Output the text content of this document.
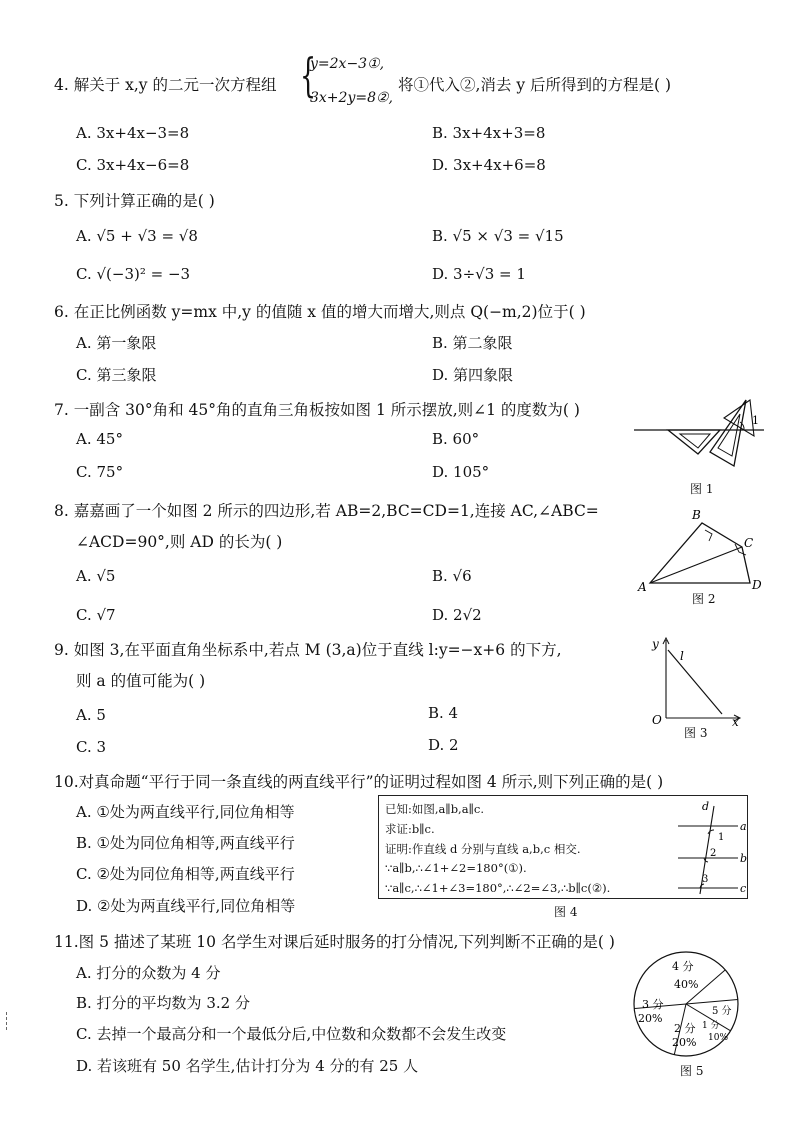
4. 解关于 x,y 的二元一次方程组 {
y=2x−3①,
3x+2y=8②,
将①代入②,消去 y 后所得到的方程是( )
A. 3x+4x−3=8	B. 3x+4x+3=8
C. 3x+4x−6=8	D. 3x+4x+6=8
5. 下列计算正确的是( )
A. √5 + √3 = √8	B. √5 × √3 = √15
C. √(−3)² = −3	D. 3÷√3 = 1
6. 在正比例函数 y=mx 中,y 的值随 x 值的增大而增大,则点 Q(−m,2)位于( )
A. 第一象限	B. 第二象限
C. 第三象限	D. 第四象限
7. 一副含 30°角和 45°角的直角三角板按如图 1 所示摆放,则∠1 的度数为( )
A. 45°	B. 60°
C. 75°	D. 105°
1
图 1
8. 嘉嘉画了一个如图 2 所示的四边形,若 AB=2,BC=CD=1,连接 AC,∠ABC=
∠ACD=90°,则 AD 的长为( )
A. √5	B. √6
C. √7	D. 2√2
B
C
A	D
图 2
9. 如图 3,在平面直角坐标系中,若点 M (3,a)位于直线 l:y=−x+6 的下方,
则 a 的值可能为( )
A. 5	B. 4
C. 3	D. 2
y
l
O	x
图 3
10.对真命题“平行于同一条直线的两直线平行”的证明过程如图 4 所示,则下列正确的是( )
A. ①处为两直线平行,同位角相等
B. ①处为同位角相等,两直线平行
C. ②处为同位角相等,两直线平行
D. ②处为两直线平行,同位角相等
已知:如图,a∥b,a∥c.
求证:b∥c.
证明:作直线 d 分别与直线 a,b,c 相交.
∵a∥b,∴∠1+∠2=180°(①).
∵a∥c,∴∠1+∠3=180°,∴∠2=∠3,∴b∥c(②).
d
a
b
c
1
2
3
图 4
11.图 5 描述了某班 10 名学生对课后延时服务的打分情况,下列判断不正确的是( )
A. 打分的众数为 4 分
B. 打分的平均数为 3.2 分
C. 去掉一个最高分和一个最低分后,中位数和众数都不会发生改变
D. 若该班有 50 名学生,估计打分为 4 分的有 25 人
4 分
40%
5 分
1 分
10%
2 分
20%
3 分
20%
图 5
